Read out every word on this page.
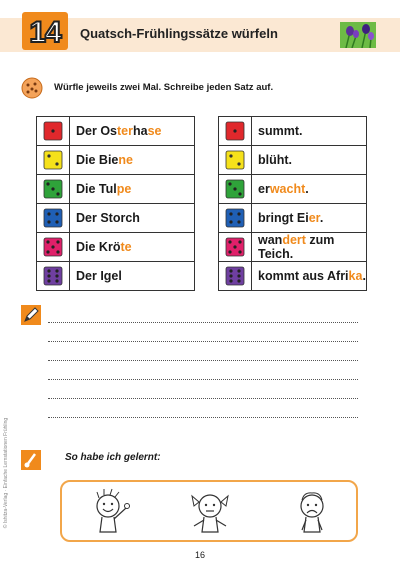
14	Quatsch-Frühlingssätze würfeln
Würfle jeweils zwei Mal. Schreibe jeden Satz auf.
	Der Osterhase
	Die Biene
	Die Tulpe
	Der Storch
	Die Kröte
	Der Igel
	summt.
	blüht.
	erwacht.
	bringt Eier.
	wandert zum Teich.
	kommt aus Afrika.
So habe ich gelernt:
16
© Ishitza-Verlag · Einfache Lernstationen Frühling
